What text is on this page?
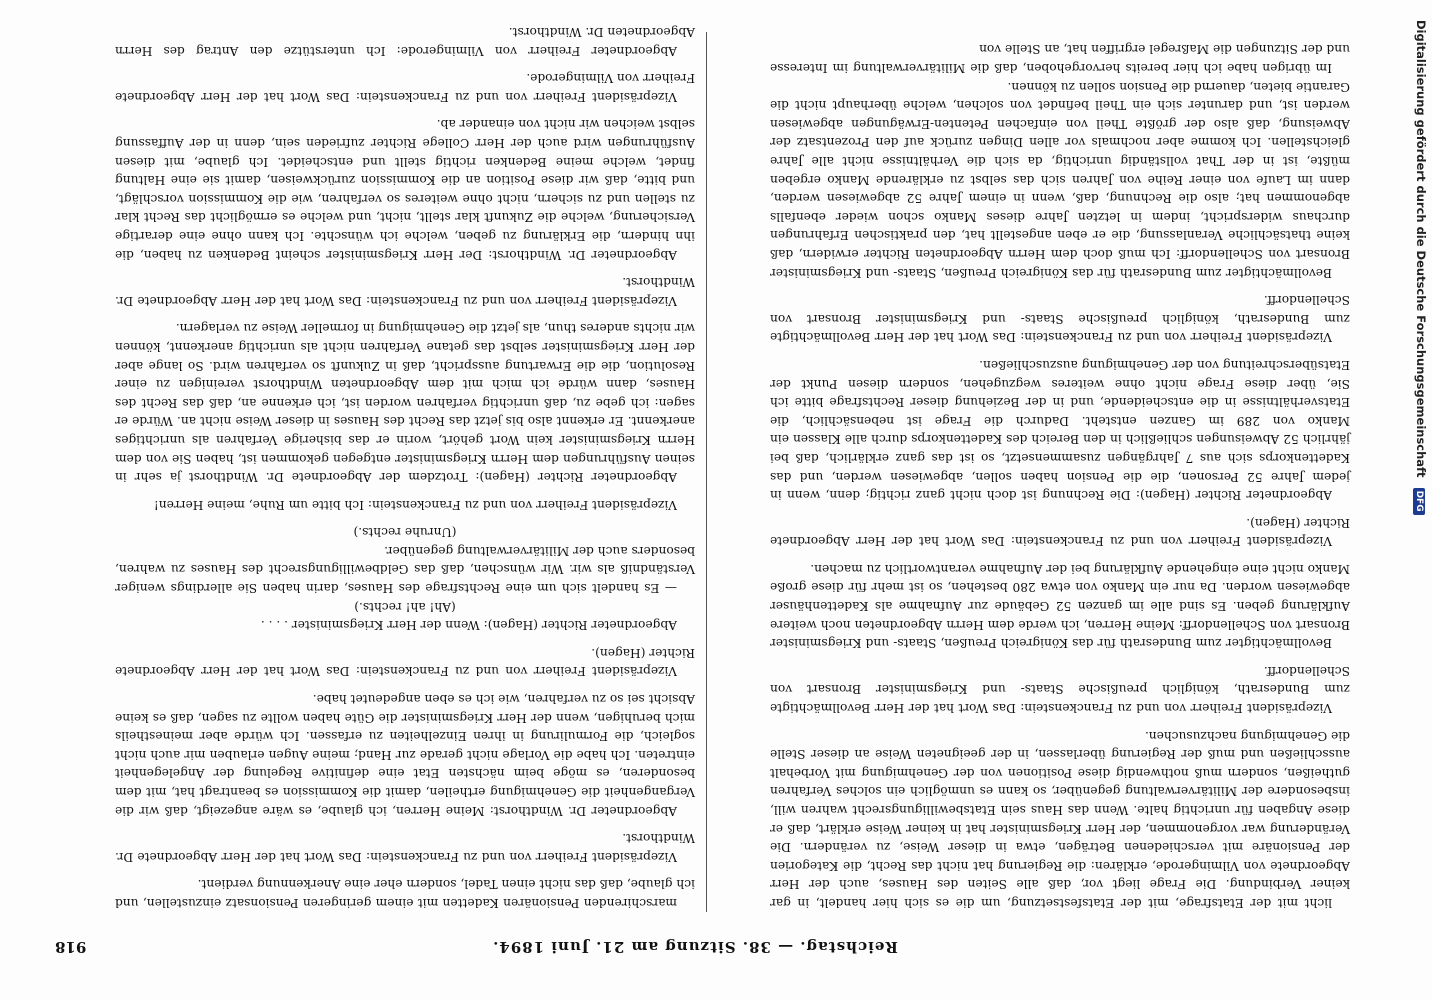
918	Reichstag. — 38. Sitzung am 21. Juni 1894.

licht mit der Etatsfrage, mit der Etatsfestsetzung, um die es sich hier handelt, in gar keiner Verbindung. Die Frage liegt vor, daß alle Seiten des Hauses, auch der Herr Abgeordnete von Vilmingerode, erklären: die Regierung hat nicht das Recht, die Kategorien der Pensionäre mit verschiedenen Beträgen, etwa in dieser Weise, zu verändern. Die Veränderung war vorgenommen, der Herr Kriegsminister hat in keiner Weise erklärt, daß er diese Angaben für unrichtig halte. Wenn das Haus sein Etatsbewilligungsrecht wahren will, insbesondere der Militärverwaltung gegenüber, so kann es unmöglich ein solches Verfahren gutheißen, sondern muß nothwendig diese Positionen von der Genehmigung mit Vorbehalt ausschließen und muß der Regierung überlassen, in der geeigneten Weise an dieser Stelle die Genehmigung nachzusuchen.

Vizepräsident Freiherr von und zu Franckenstein: Das Wort hat der Herr Bevollmächtigte zum Bundesrath, königlich preußische Staats- und Kriegsminister Bronsart von Schellendorff.

Bevollmächtigter zum Bundesrath für das Königreich Preußen, Staats- und Kriegsminister Bronsart von Schellendorff: Meine Herren, ich werde dem Herrn Abgeordneten noch weitere Aufklärung geben. Es sind alle im ganzen 52 Gebäude zur Aufnahme als Kadettenhäuser abgewiesen worden. Da nur ein Manko von etwa 280 bestehen, so ist mehr für diese große Manko nicht eine eingehende Aufklärung bei der Aufnahme verantwortlich zu machen.

Vizepräsident Freiherr von und zu Franckenstein: Das Wort hat der Herr Abgeordnete Richter (Hagen).

Abgeordneter Richter (Hagen): Die Rechnung ist doch nicht ganz richtig; denn, wenn in jedem Jahre 52 Personen, die die Pension haben sollen, abgewiesen werden, und das Kadettenkorps sich aus 7 Jahrgängen zusammensetzt, so ist das ganz erklärlich, daß bei jährlich 52 Abweisungen schließlich in den Bereich des Kadettenkorps durch alle Klassen ein Manko von 289 im Ganzen entsteht. Dadurch die Frage ist nebensächlich, die Etatsverhältnisse in die entscheidende, und in der Beziehung dieser Rechtsfrage bitte ich Sie, über diese Frage nicht ohne weiteres wegzugehen, sondern diesen Punkt der Etatsüberschreitung von der Genehmigung auszuschließen.

Vizepräsident Freiherr von und zu Franckenstein: Das Wort hat der Herr Bevollmächtigte zum Bundesrath, königlich preußische Staats- und Kriegsminister Bronsart von Schellendorff.

Bevollmächtigter zum Bundesrath für das Königreich Preußen, Staats- und Kriegsminister Bronsart von Schellendorff: Ich muß doch dem Herrn Abgeordneten Richter erwidern, daß keine thatsächliche Veranlassung, die er eben angestellt hat, den praktischen Erfahrungen durchaus widerspricht, indem in letzten Jahre dieses Manko schon wieder ebenfalls abgenommen hat; also die Rechnung, daß, wenn in einem Jahre 52 abgewiesen werden, dann im Laufe von einer Reihe von Jahren sich das selbst zu erklärende Manko ergeben müßte, ist in der That vollständig unrichtig, da sich die Verhältnisse nicht alle Jahre gleichstellen. Ich komme aber nochmals vor allen Dingen zurück auf den Prozentsatz der Abweisung, daß also der größte Theil von einfachen Petenten-Erwägungen abgewiesen werden ist, und darunter sich ein Theil befindet von solchen, welche überhaupt nicht die Garantie bieten, dauernd die Pension sollen zu können.

Im übrigen habe ich hier bereits hervorgehoben, daß die Militärverwaltung im Interesse und der Sitzungen die Maßregel ergriffen hat, an Stelle von

marschirenden Pensionären Kadetten mit einem geringeren Pensionsatz einzustellen, und ich glaube, daß das nicht einen Tadel, sondern eher eine Anerkennung verdient.

Vizepräsident Freiherr von und zu Franckenstein: Das Wort hat der Herr Abgeordnete Dr. Windthorst.

Abgeordneter Dr. Windthorst: Meine Herren, ich glaube, es wäre angezeigt, daß wir die Vergangenheit die Genehmigung ertheilen, damit die Kommission es beantragt hat, mit dem besonderen, es möge beim nächsten Etat eine definitive Regelung der Angelegenheit eintreten. Ich habe die Vorlage nicht gerade zur Hand; meine Augen erlauben mir auch nicht sogleich, die Formulirung in ihren Einzelheiten zu erfassen. Ich würde aber meinestheils mich beruhigen, wenn der Herr Kriegsminister die Güte haben wollte zu sagen, daß es keine Absicht sei so zu verfahren, wie ich es eben angedeutet habe.

Vizepräsident Freiherr von und zu Franckenstein: Das Wort hat der Herr Abgeordnete Richter (Hagen).

Abgeordneter Richter (Hagen): Wenn der Herr Kriegsminister . . . .

(Ah! ah! rechts.)

— Es handelt sich um eine Rechtsfrage des Hauses, darin haben Sie allerdings weniger Verständniß als wir. Wir wünschen, daß das Geldbewilligungsrecht des Hauses zu wahren, besonders auch der Militärverwaltung gegenüber.

(Unruhe rechts.)

Vizepräsident Freiherr von und zu Franckenstein: Ich bitte um Ruhe, meine Herren!

Abgeordneter Richter (Hagen): Trotzdem der Abgeordnete Dr. Windthorst ja sehr in seinen Ausführungen dem Herrn Kriegsminister entgegen gekommen ist, haben Sie von dem Herrn Kriegsminister kein Wort gehört, worin er das bisherige Verfahren als unrichtiges anerkennt. Er erkennt also bis jetzt das Recht des Hauses in dieser Weise nicht an. Würde er sagen: ich gebe zu, daß unrichtig verfahren worden ist, ich erkenne an, daß das Recht des Hauses, dann würde ich mich mit dem Abgeordneten Windthorst vereinigen zu einer Resolution, die die Erwartung ausspricht, daß in Zukunft so verfahren wird. So lange aber der Herr Kriegsminister selbst das getane Verfahren nicht als unrichtig anerkennt, können wir nichts anderes thun, als jetzt die Genehmigung in formeller Weise zu verlagern.

Vizepräsident Freiherr von und zu Franckenstein: Das Wort hat der Herr Abgeordnete Dr. Windthorst.

Abgeordneter Dr. Windthorst: Der Herr Kriegsminister scheint Bedenken zu haben, die ihn hindern, die Erklärung zu geben, welche ich wünschte. Ich kann ohne eine derartige Versicherung, welche die Zukunft klar stellt, nicht, und welche es ermöglicht das Recht klar zu stellen und zu sichern, nicht ohne weiteres so verfahren, wie die Kommission vorschlägt, und bitte, daß wir diese Position an die Kommission zurückweisen, damit sie eine Haltung findet, welche meine Bedenken richtig stellt und entscheidet. Ich glaube, mit diesen Ausführungen wird auch der Herr College Richter zufrieden sein, denn in der Auffassung selbst weichen wir nicht von einander ab.

Vizepräsident Freiherr von und zu Franckenstein: Das Wort hat der Herr Abgeordnete Freiherr von Vilmingerode.

Abgeordneter Freiherr von Vilmingerode: Ich unterstütze den Antrag des Herrn Abgeordneten Dr. Windthorst.	Digitalisierung gefördert durch die Deutsche Forschungsgemeinschaft DFG
